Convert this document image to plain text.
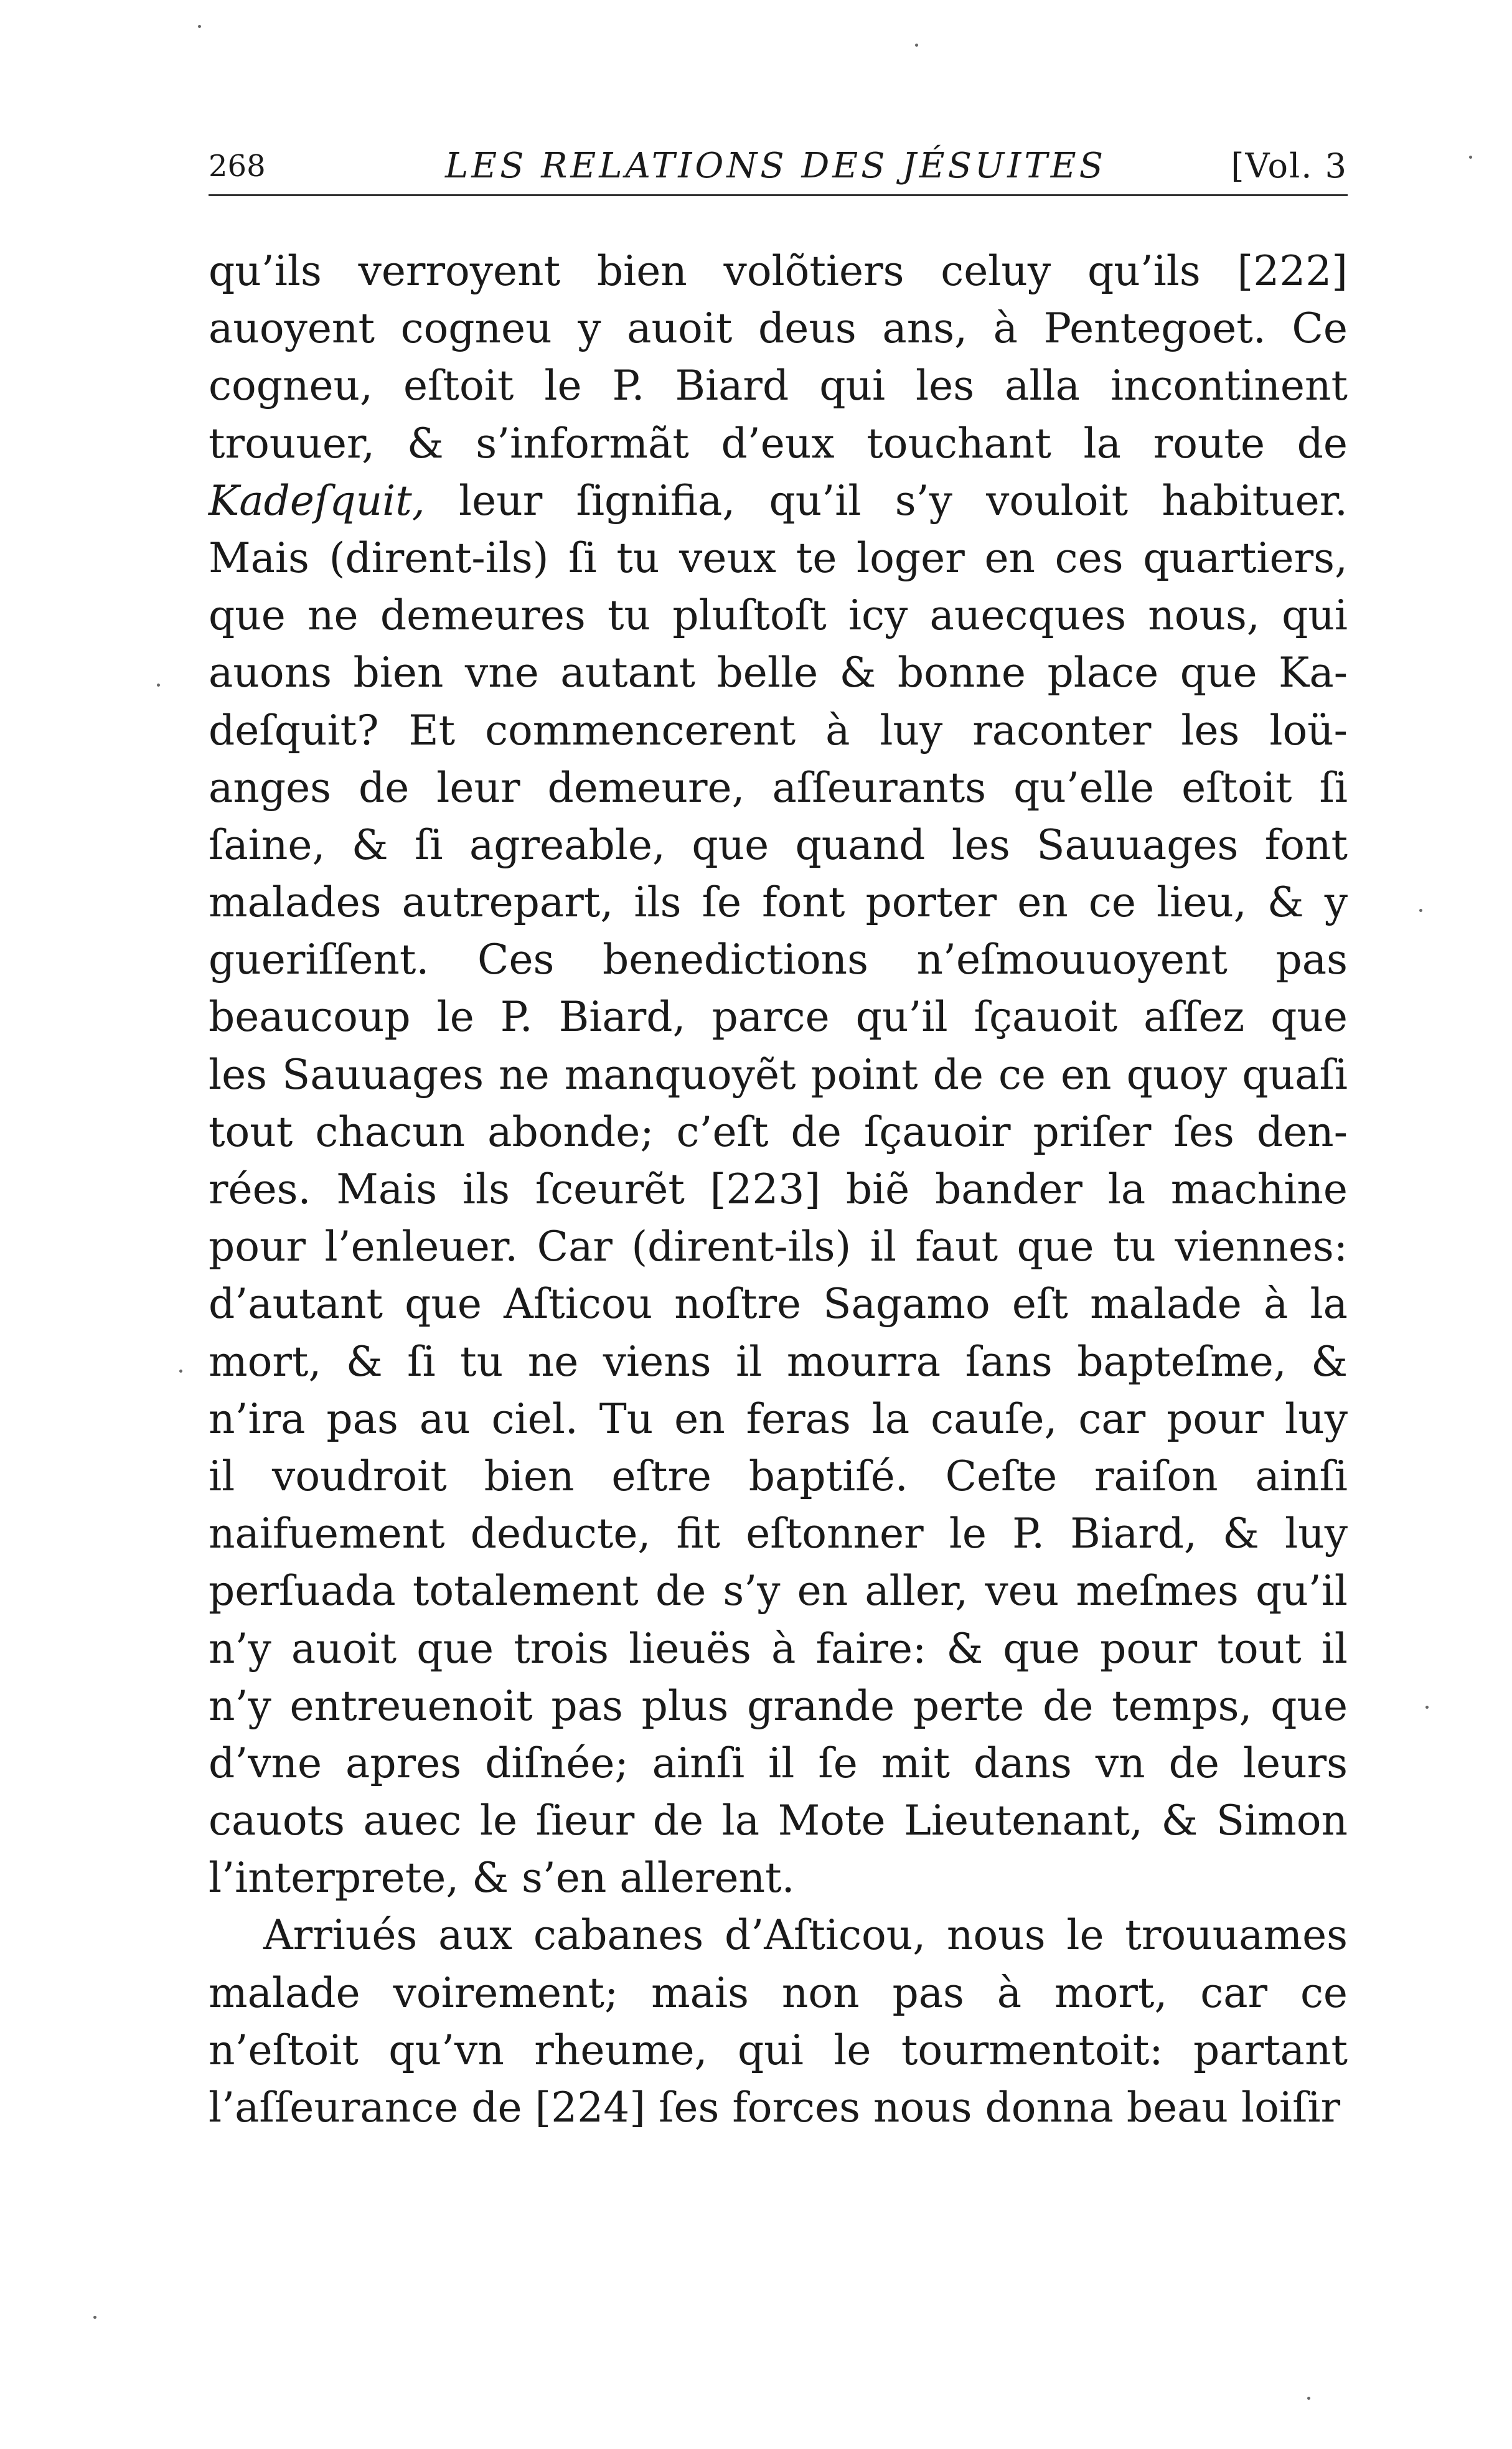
268	LES RELATIONS DES JÉSUITES	[Vol. 3
qu’ils verroyent bien volõtiers celuy qu’ils [222]
auoyent cogneu y auoit deus ans, à Pentegoet. Ce
cogneu, eſtoit le P. Biard qui les alla incontinent
trouuer, & s’informãt d’eux touchant la route de
Kadeſquit, leur ſignifia, qu’il s’y vouloit habituer.
Mais (dirent-ils) ſi tu veux te loger en ces quartiers,
que ne demeures tu pluſtoſt icy auecques nous, qui
auons bien vne autant belle & bonne place que Ka-
deſquit? Et commencerent à luy raconter les loü-
anges de leur demeure, aſſeurants qu’elle eſtoit ſi
ſaine, & ſi agreable, que quand les Sauuages font
malades autrepart, ils ſe font porter en ce lieu, & y
gueriſſent. Ces benedictions n’eſmouuoyent pas
beaucoup le P. Biard, parce qu’il ſçauoit aſſez que
les Sauuages ne manquoyẽt point de ce en quoy quaſi
tout chacun abonde; c’eſt de ſçauoir priſer ſes den-
rées. Mais ils ſceurẽt [223] biẽ bander la machine
pour l’enleuer. Car (dirent-ils) il faut que tu viennes:
d’autant que Aſticou noſtre Sagamo eſt malade à la
mort, & ſi tu ne viens il mourra ſans bapteſme, &
n’ira pas au ciel. Tu en feras la cauſe, car pour luy
il voudroit bien eſtre baptiſé. Ceſte raiſon ainſi
naifuement deducte, fit eſtonner le P. Biard, & luy
perſuada totalement de s’y en aller, veu meſmes qu’il
n’y auoit que trois lieuës à faire: & que pour tout il
n’y entreuenoit pas plus grande perte de temps, que
d’vne apres diſnée; ainſi il ſe mit dans vn de leurs
cauots auec le ſieur de la Mote Lieutenant, & Simon
l’interprete, & s’en allerent.
Arriués aux cabanes d’Aſticou, nous le trouuames
malade voirement; mais non pas à mort, car ce
n’eſtoit qu’vn rheume, qui le tourmentoit: partant
l’aſſeurance de [224] ſes forces nous donna beau loiſir
